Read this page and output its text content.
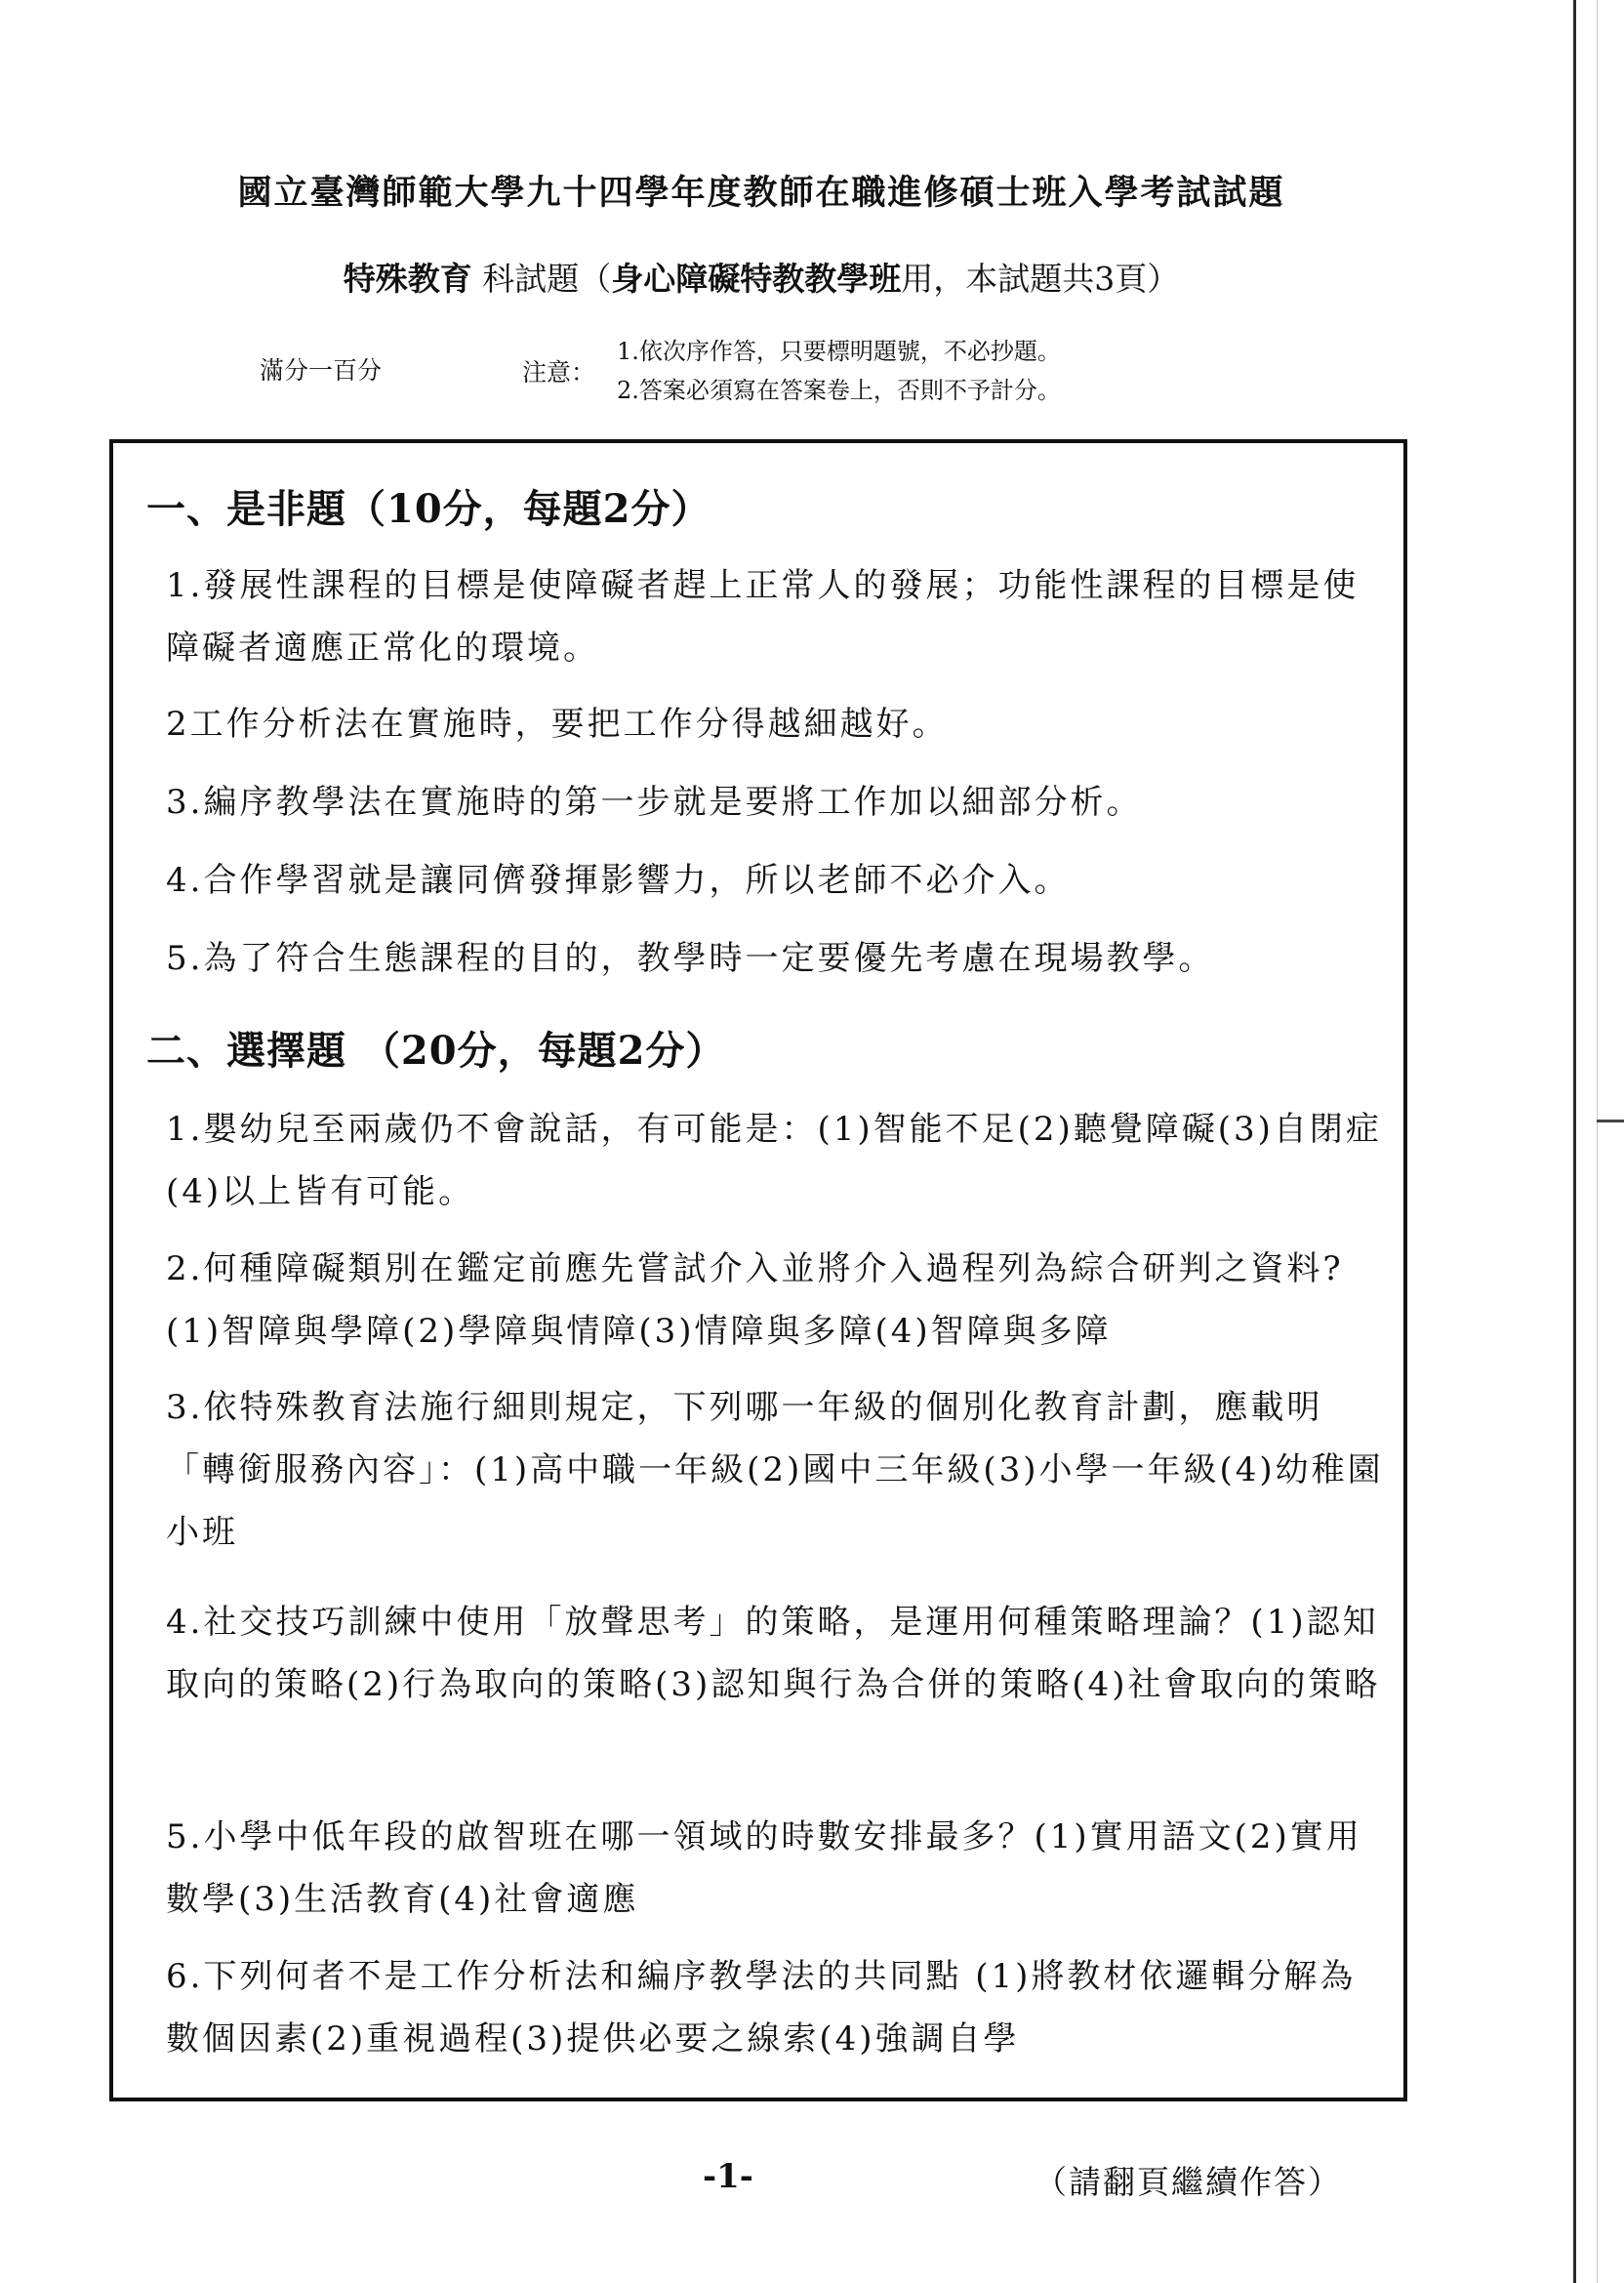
國立臺灣師範大學九十四學年度教師在職進修碩士班入學考試試題
特殊教育 科試題（身心障礙特教教學班用，本試題共3頁）
滿分一百分	注意：
1.依次序作答，只要標明題號，不必抄題。
2.答案必須寫在答案卷上，否則不予計分。
一、是非題（10分，每題2分）
1.發展性課程的目標是使障礙者趕上正常人的發展；功能性課程的目標是使障礙者適應正常化的環境。
2工作分析法在實施時，要把工作分得越細越好。
3.編序教學法在實施時的第一步就是要將工作加以細部分析。
4.合作學習就是讓同儕發揮影響力，所以老師不必介入。
5.為了符合生態課程的目的，教學時一定要優先考慮在現場教學。
二、選擇題 （20分，每題2分）
1.嬰幼兒至兩歲仍不會說話，有可能是：(1)智能不足(2)聽覺障礙(3)自閉症(4)以上皆有可能。
2.何種障礙類別在鑑定前應先嘗試介入並將介入過程列為綜合研判之資料?(1)智障與學障(2)學障與情障(3)情障與多障(4)智障與多障
3.依特殊教育法施行細則規定，下列哪一年級的個別化教育計劃，應載明「轉銜服務內容」：(1)高中職一年級(2)國中三年級(3)小學一年級(4)幼稚園小班
4.社交技巧訓練中使用「放聲思考」的策略，是運用何種策略理論？(1)認知取向的策略(2)行為取向的策略(3)認知與行為合併的策略(4)社會取向的策略
5.小學中低年段的啟智班在哪一領域的時數安排最多？(1)實用語文(2)實用數學(3)生活教育(4)社會適應
6.下列何者不是工作分析法和編序教學法的共同點 (1)將教材依邏輯分解為數個因素(2)重視過程(3)提供必要之線索(4)強調自學
-1-	（請翻頁繼續作答）
